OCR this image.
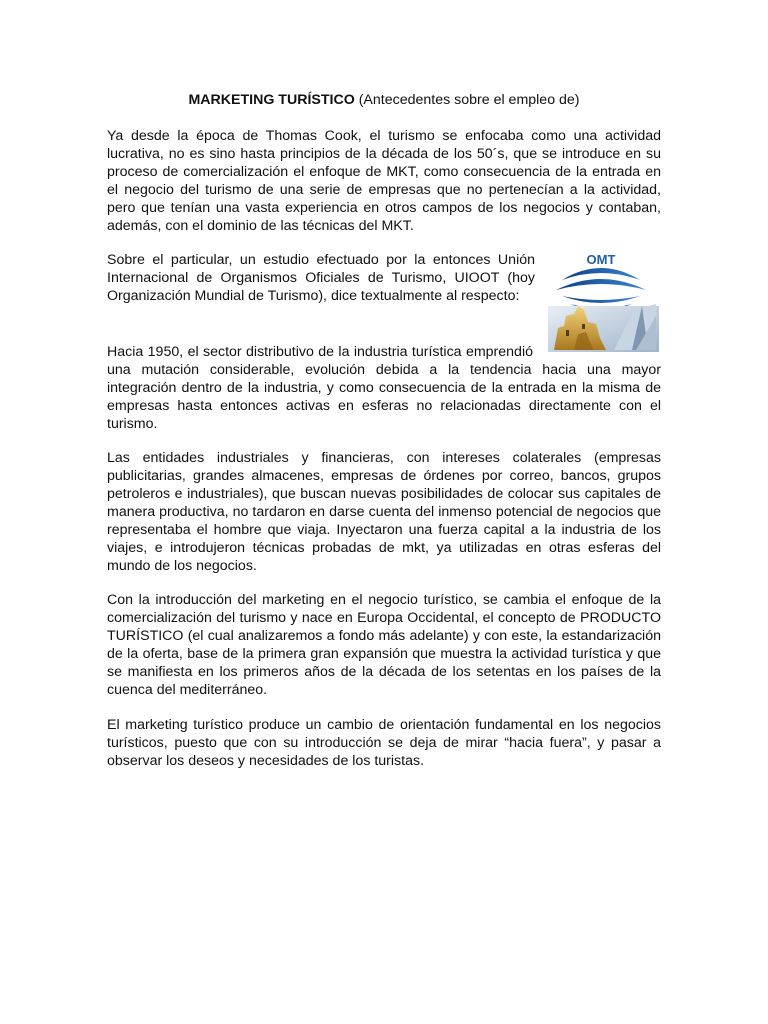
MARKETING TURÍSTICO (Antecedentes sobre el empleo de)

Ya desde la época de Thomas Cook, el turismo se enfocaba como una actividad lucrativa, no es sino hasta principios de la década de los 50´s, que se introduce en su proceso de comercialización el enfoque de MKT, como consecuencia de la entrada en el negocio del turismo de una serie de empresas que no pertenecían a la actividad, pero que tenían una vasta experiencia en otros campos de los negocios y contaban, además, con el dominio de las técnicas del MKT.

Sobre el particular, un estudio efectuado por la entonces Unión Internacional de Organismos Oficiales de Turismo, UIOOT (hoy Organización Mundial de Turismo), dice textualmente al respecto:

Hacia 1950, el sector distributivo de la industria turística emprendió una mutación considerable, evolución debida a la tendencia hacia una mayor integración dentro de la industria, y como consecuencia de la entrada en la misma de empresas hasta entonces activas en esferas no relacionadas directamente con el turismo.

Las entidades industriales y financieras, con intereses colaterales (empresas publicitarias, grandes almacenes, empresas de órdenes por correo, bancos, grupos petroleros e industriales), que buscan nuevas posibilidades de colocar sus capitales de manera productiva, no tardaron en darse cuenta del inmenso potencial de negocios que representaba el hombre que viaja. Inyectaron una fuerza capital a la industria de los viajes, e introdujeron técnicas probadas de mkt, ya utilizadas en otras esferas del mundo de los negocios.

Con la introducción del marketing en el negocio turístico, se cambia el enfoque de la comercialización del turismo y nace en Europa Occidental, el concepto de PRODUCTO TURÍSTICO (el cual analizaremos a fondo más adelante) y con este, la estandarización de la oferta, base de la primera gran expansión que muestra la actividad turística y que se manifiesta en los primeros años de la década de los setentas en los países de la cuenca del mediterráneo.

El marketing turístico produce un cambio de orientación fundamental en los negocios turísticos, puesto que con su introducción se deja de mirar “hacia fuera”, y pasar a observar los deseos y necesidades de los turistas.

OMT
